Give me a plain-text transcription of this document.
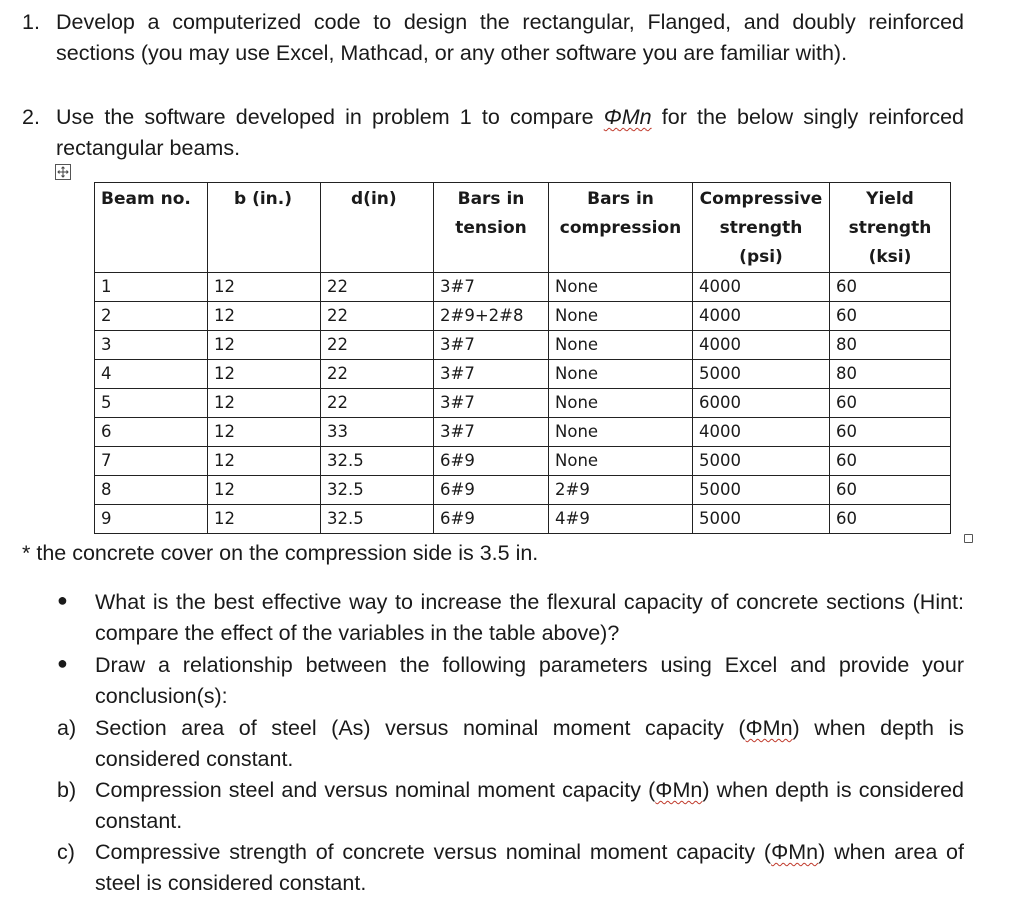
1. Develop a computerized code to design the rectangular, Flanged, and doubly reinforced sections (you may use Excel, Mathcad, or any other software you are familiar with).
2. Use the software developed in problem 1 to compare ΦMn for the below singly reinforced rectangular beams.
Beam no.	b (in.)	d(in)	Bars in tension	Bars in compression	Compressive strength (psi)	Yield strength (ksi)
1	12	22	3#7	None	4000	60
2	12	22	2#9+2#8	None	4000	60
3	12	22	3#7	None	4000	80
4	12	22	3#7	None	5000	80
5	12	22	3#7	None	6000	60
6	12	33	3#7	None	4000	60
7	12	32.5	6#9	None	5000	60
8	12	32.5	6#9	2#9	5000	60
9	12	32.5	6#9	4#9	5000	60
* the concrete cover on the compression side is 3.5 in.
● What is the best effective way to increase the flexural capacity of concrete sections (Hint: compare the effect of the variables in the table above)?
● Draw a relationship between the following parameters using Excel and provide your conclusion(s):
a) Section area of steel (As) versus nominal moment capacity (ΦMn) when depth is considered constant.
b) Compression steel and versus nominal moment capacity (ΦMn) when depth is considered constant.
c) Compressive strength of concrete versus nominal moment capacity (ΦMn) when area of steel is considered constant.
